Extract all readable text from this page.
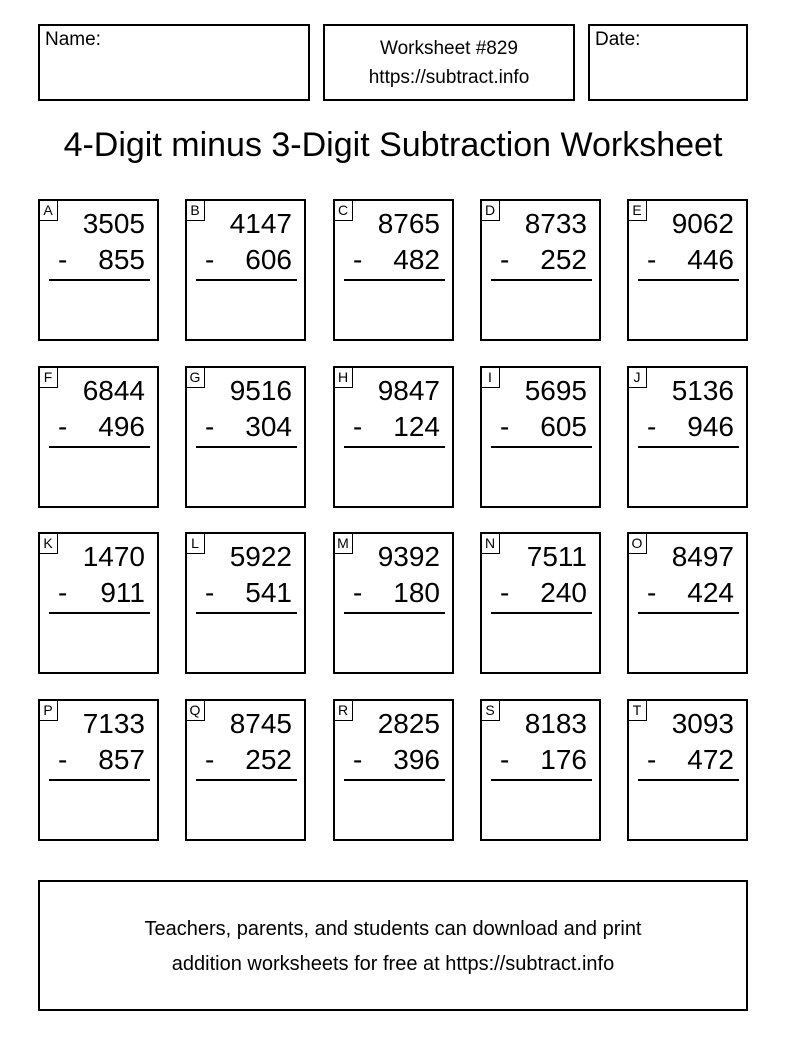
Name:	Worksheet #829
https://subtract.info
Date:
4-Digit minus 3-Digit Subtraction Worksheet
A 3505
- 855
B 4147
- 606
C 8765
- 482
D 8733
- 252
E 9062
- 446
F 6844
- 496
G 9516
- 304
H 9847
- 124
I 5695
- 605
J 5136
- 946
K 1470
- 911
L 5922
- 541
M 9392
- 180
N 7511
- 240
O 8497
- 424
P 7133
- 857
Q 8745
- 252
R 2825
- 396
S 8183
- 176
T 3093
- 472
Teachers, parents, and students can download and print
addition worksheets for free at https://subtract.info
